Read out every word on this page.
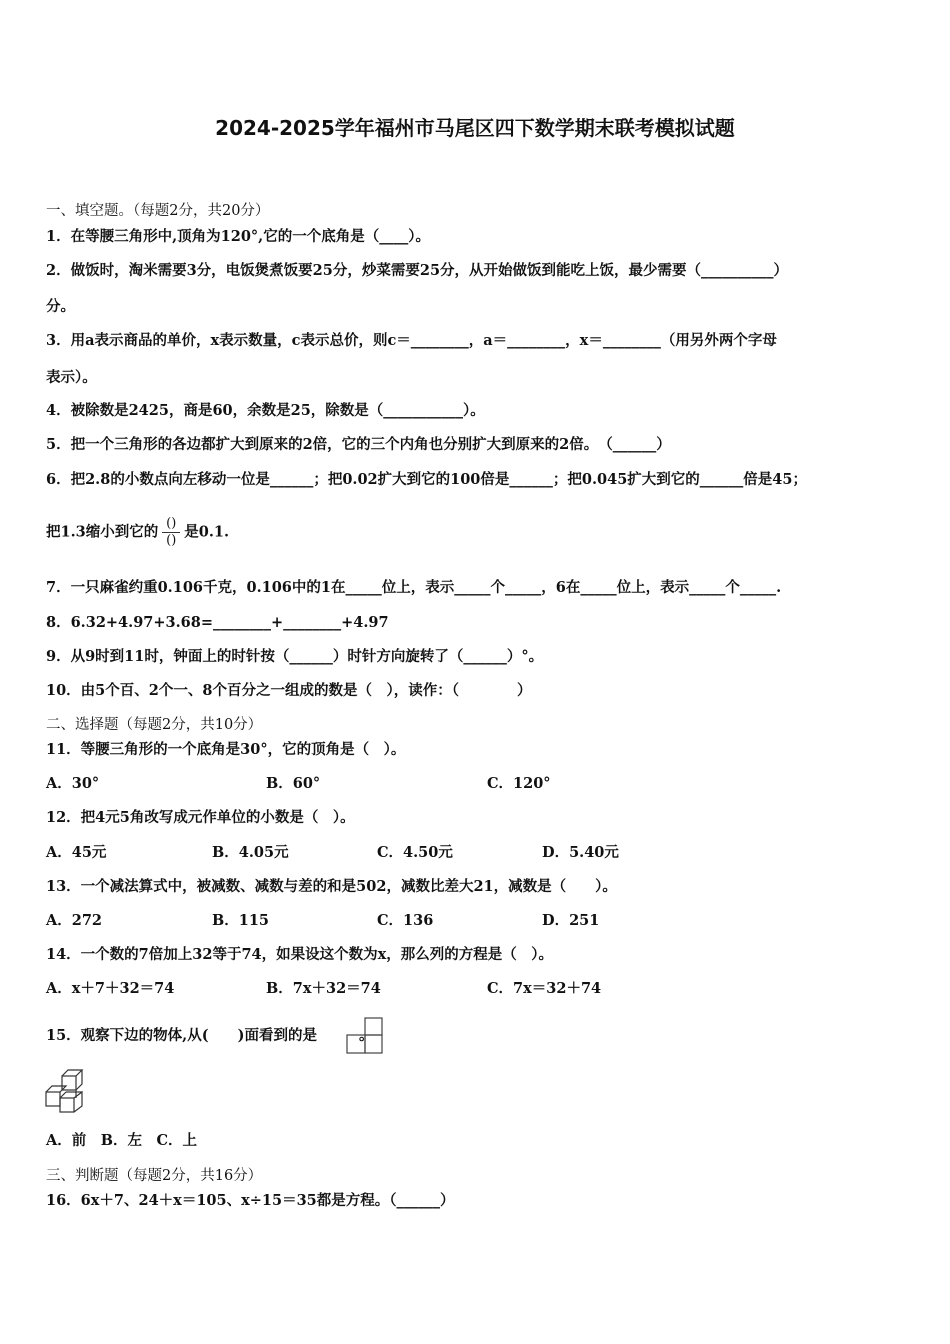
2024-2025学年福州市马尾区四下数学期末联考模拟试题
一、填空题。（每题2分，共20分）
1．在等腰三角形中,顶角为120°,它的一个底角是（____）。
2．做饭时，淘米需要3分，电饭煲煮饭要25分，炒菜需要25分，从开始做饭到能吃上饭，最少需要（__________）
分。
3．用a表示商品的单价，x表示数量，c表示总价，则c＝________，a＝________，x＝________（用另外两个字母
表示）。
4．被除数是2425，商是60，余数是25，除数是（___________）。
5．把一个三角形的各边都扩大到原来的2倍，它的三个内角也分别扩大到原来的2倍。　（______）
6．把2.8的小数点向左移动一位是______；把0.02扩大到它的100倍是______；把0.045扩大到它的______倍是45；
把1.3缩小到它的 $\frac{()}{()}$ 是0.1.
7．一只麻雀约重0.106千克，0.106中的1在_____位上，表示_____个_____，6在_____位上，表示_____个_____.
8．6.32+4.97+3.68=________+________+4.97
9．从9时到11时，钟面上的时针按（______）时针方向旋转了（______）°。
10．由5个百、2个一、8个百分之一组成的数是（　），读作：（　　　　）
二、选择题（每题2分，共10分）
11．等腰三角形的一个底角是30°，它的顶角是（　）。
A．30°	B．60°	C．120°
12．把4元5角改写成元作单位的小数是（　）。
A．45元	B．4.05元	C．4.50元	D．5.40元
13．一个减法算式中，被减数、减数与差的和是502，减数比差大21，减数是（　　）。
A．272	B．115	C．136	D．251
14．一个数的7倍加上32等于74，如果设这个数为x，那么列的方程是（　）。
A．x＋7＋32＝74	B．7x＋32＝74	C．7x＝32＋74
15．观察下边的物体,从(　　)面看到的是	。
A．前　B．左　C．上
三、判断题（每题2分，共16分）
16．6x＋7、24＋x＝105、x÷15＝35都是方程。（______）
